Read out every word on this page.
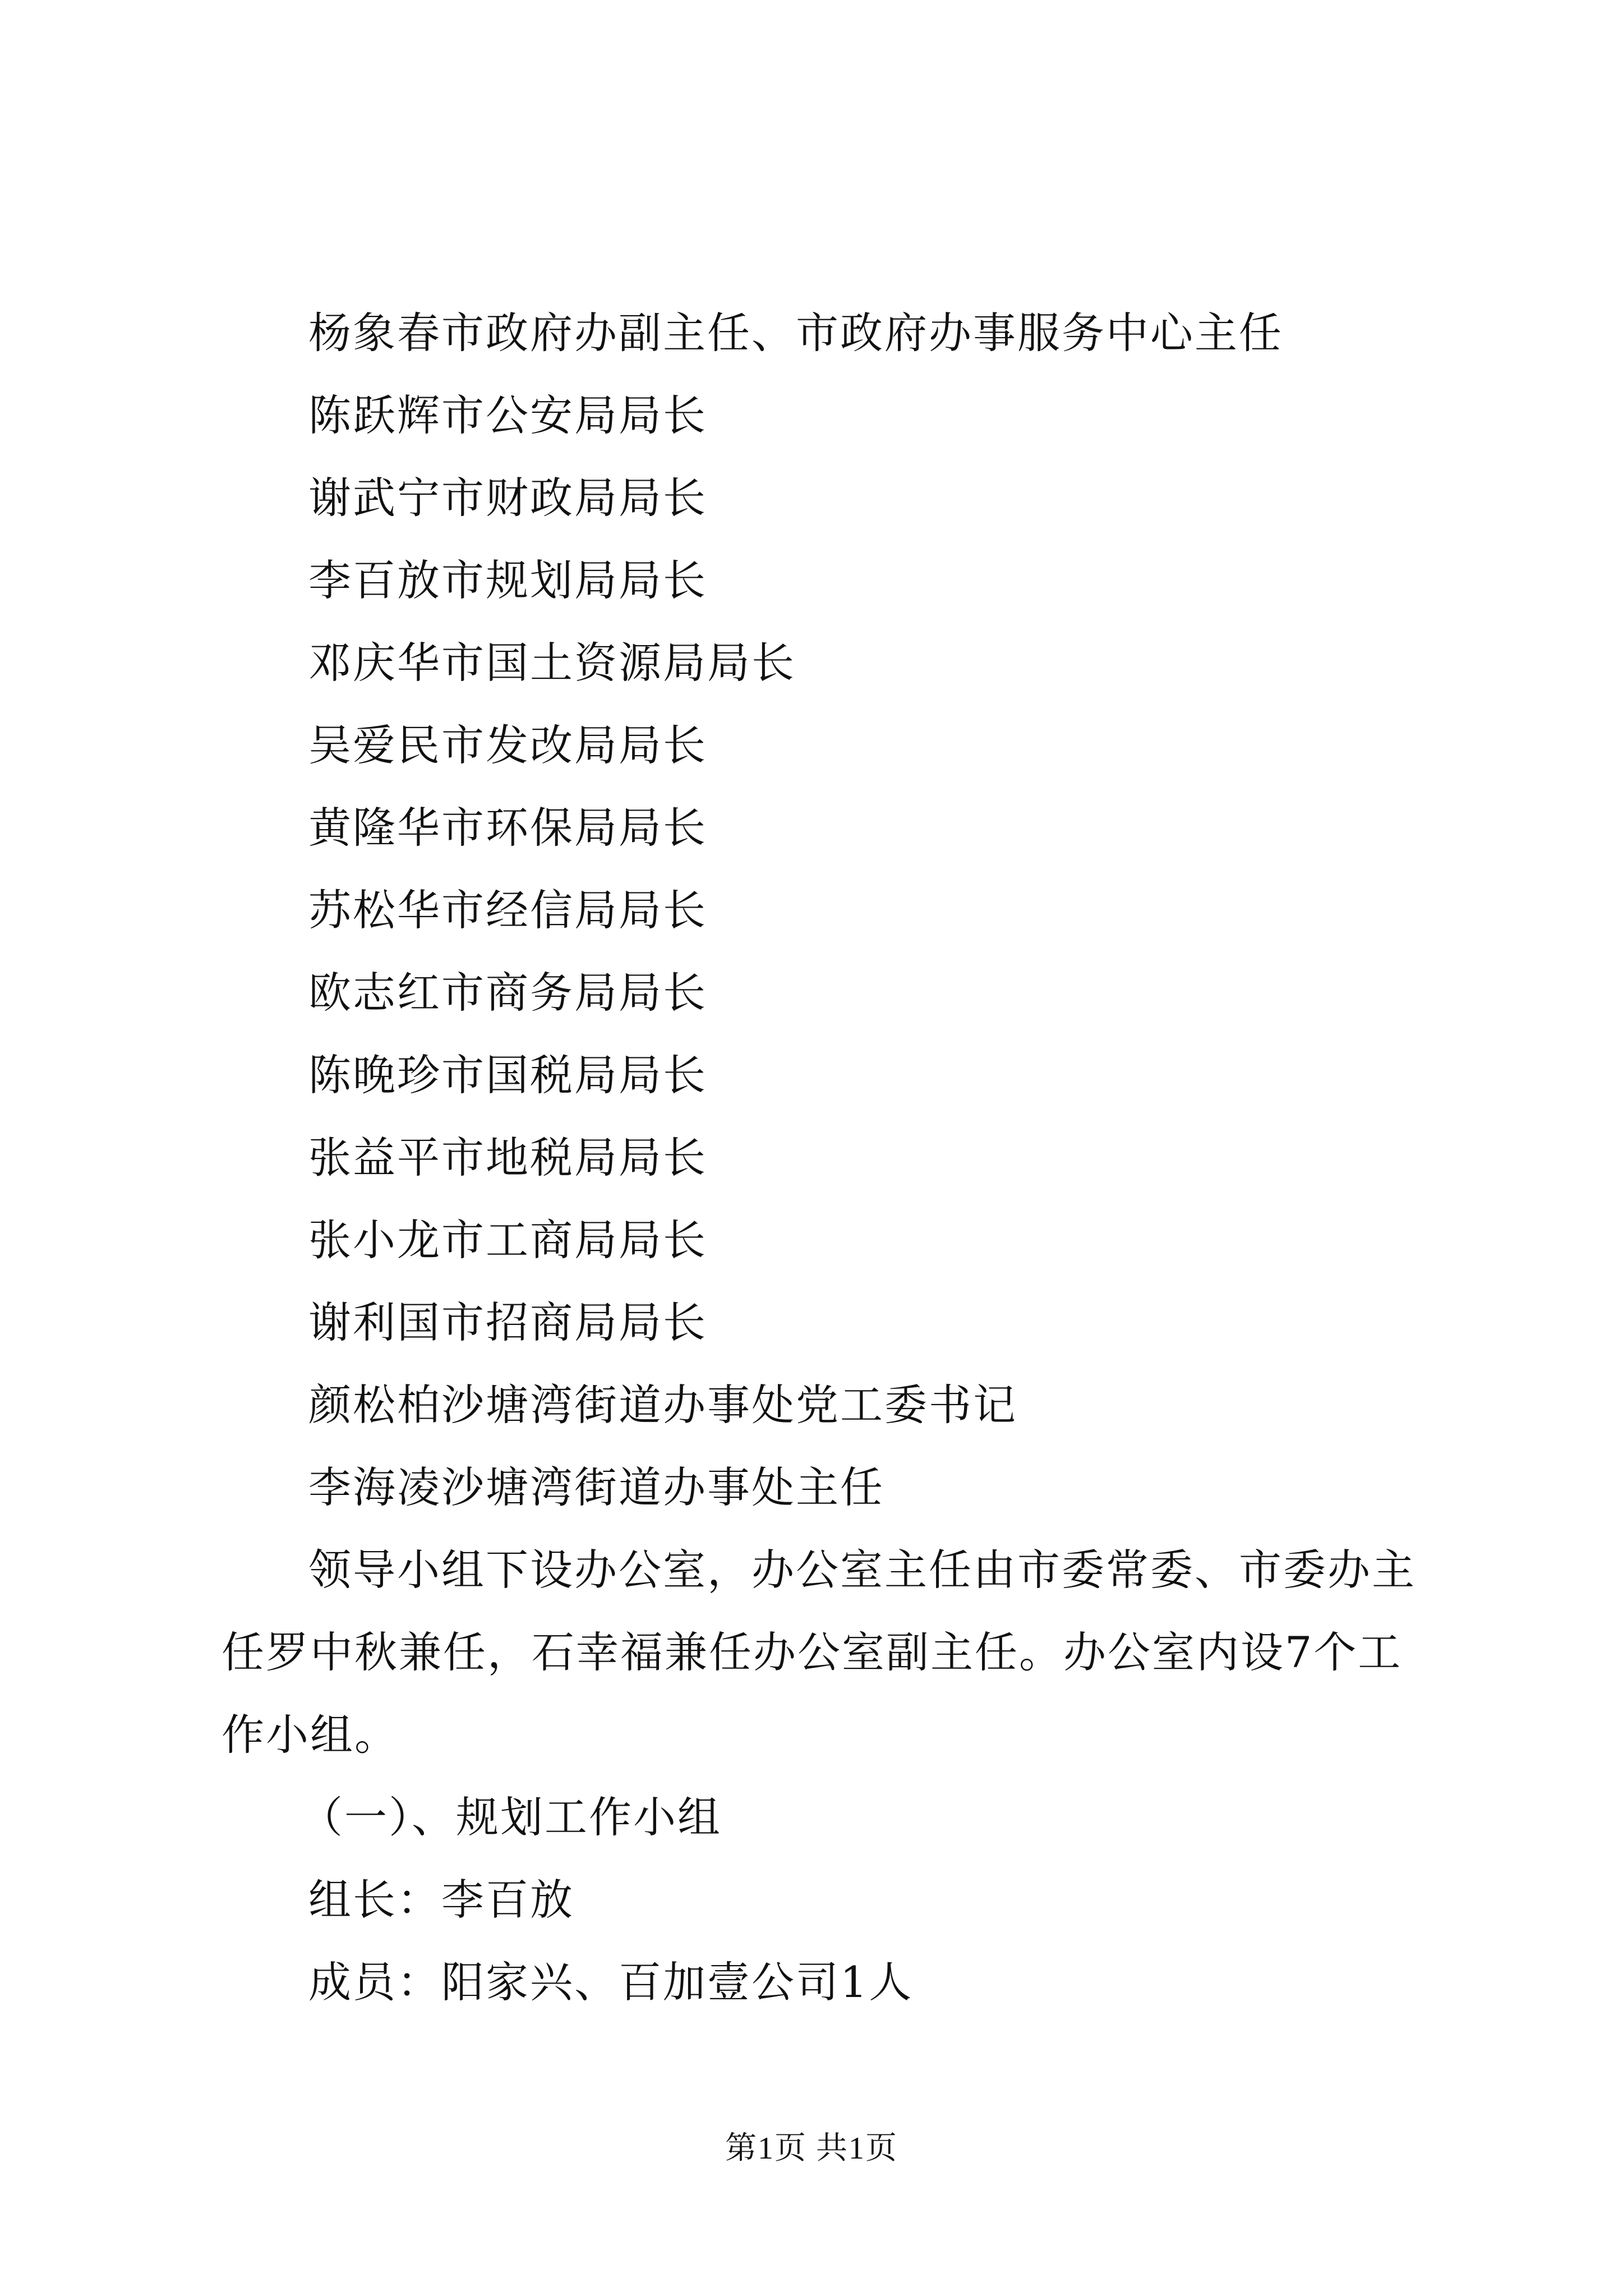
杨象春市政府办副主任、市政府办事服务中心主任
陈跃辉市公安局局长
谢武宁市财政局局长
李百放市规划局局长
邓庆华市国土资源局局长
吴爱民市发改局局长
黄隆华市环保局局长
苏松华市经信局局长
欧志红市商务局局长
陈晚珍市国税局局长
张益平市地税局局长
张小龙市工商局局长
谢利国市招商局局长
颜松柏沙塘湾街道办事处党工委书记
李海凌沙塘湾街道办事处主任

领导小组下设办公室，办公室主任由市委常委、市委办主任罗中秋兼任，石幸福兼任办公室副主任。办公室内设7个工作小组。

（一）、规划工作小组
组长：李百放
成员：阳家兴、百加壹公司1人
第1页 共1页
